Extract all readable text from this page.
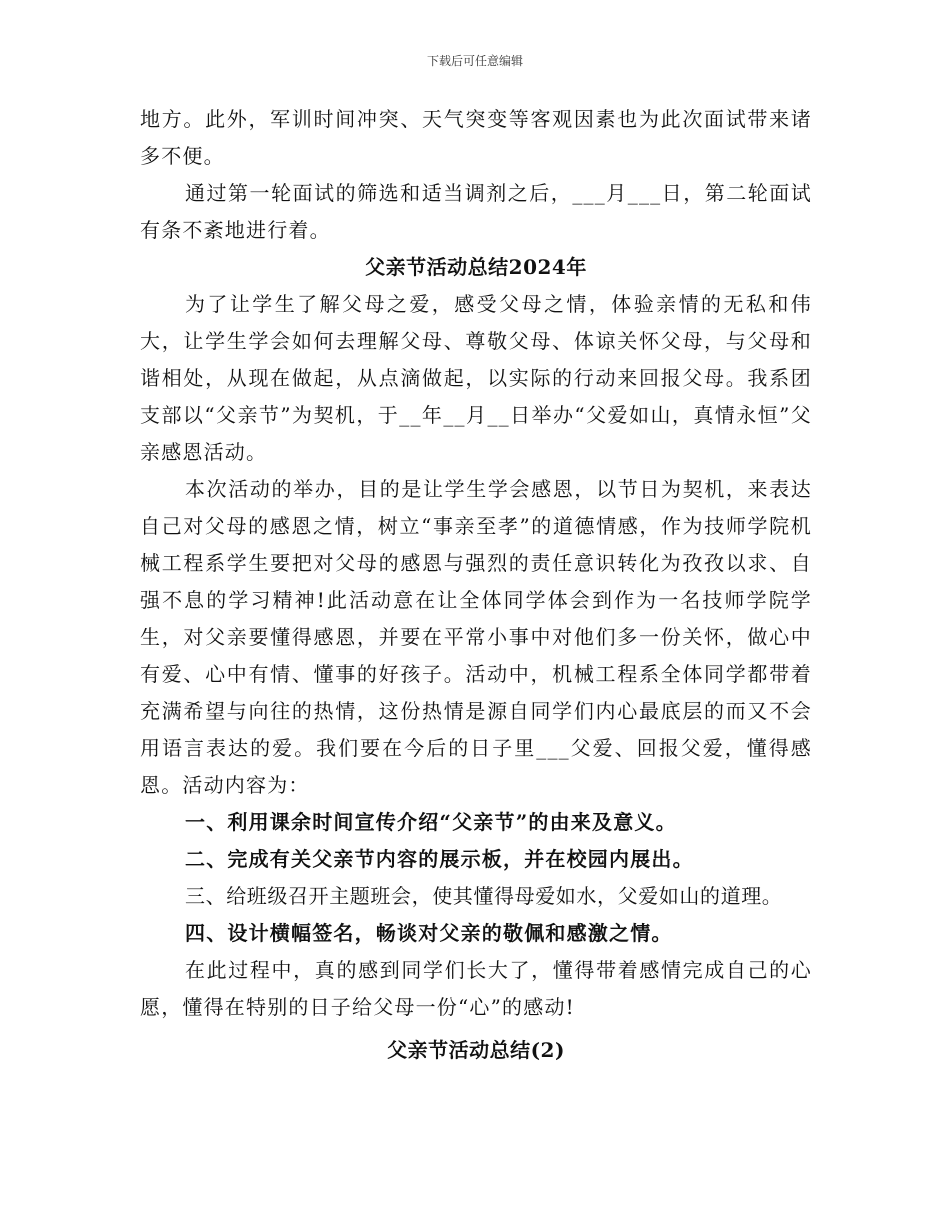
下载后可任意编辑

地方。此外，军训时间冲突、天气突变等客观因素也为此次面试带来诸多不便。

通过第一轮面试的筛选和适当调剂之后，___月___日，第二轮面试有条不紊地进行着。

父亲节活动总结2024年

为了让学生了解父母之爱，感受父母之情，体验亲情的无私和伟大，让学生学会如何去理解父母、尊敬父母、体谅关怀父母，与父母和谐相处，从现在做起，从点滴做起，以实际的行动来回报父母。我系团支部以“父亲节”为契机，于__年__月__日举办“父爱如山，真情永恒”父亲感恩活动。

本次活动的举办，目的是让学生学会感恩，以节日为契机，来表达自己对父母的感恩之情，树立“事亲至孝”的道德情感，作为技师学院机械工程系学生要把对父母的感恩与强烈的责任意识转化为孜孜以求、自强不息的学习精神!此活动意在让全体同学体会到作为一名技师学院学生，对父亲要懂得感恩，并要在平常小事中对他们多一份关怀，做心中有爱、心中有情、懂事的好孩子。活动中，机械工程系全体同学都带着充满希望与向往的热情，这份热情是源自同学们内心最底层的而又不会用语言表达的爱。我们要在今后的日子里___父爱、回报父爱，懂得感恩。活动内容为：

一、利用课余时间宣传介绍“父亲节”的由来及意义。

二、完成有关父亲节内容的展示板，并在校园内展出。

三、给班级召开主题班会，使其懂得母爱如水，父爱如山的道理。

四、设计横幅签名，畅谈对父亲的敬佩和感激之情。

在此过程中，真的感到同学们长大了，懂得带着感情完成自己的心愿，懂得在特别的日子给父母一份“心”的感动!

父亲节活动总结(2)
